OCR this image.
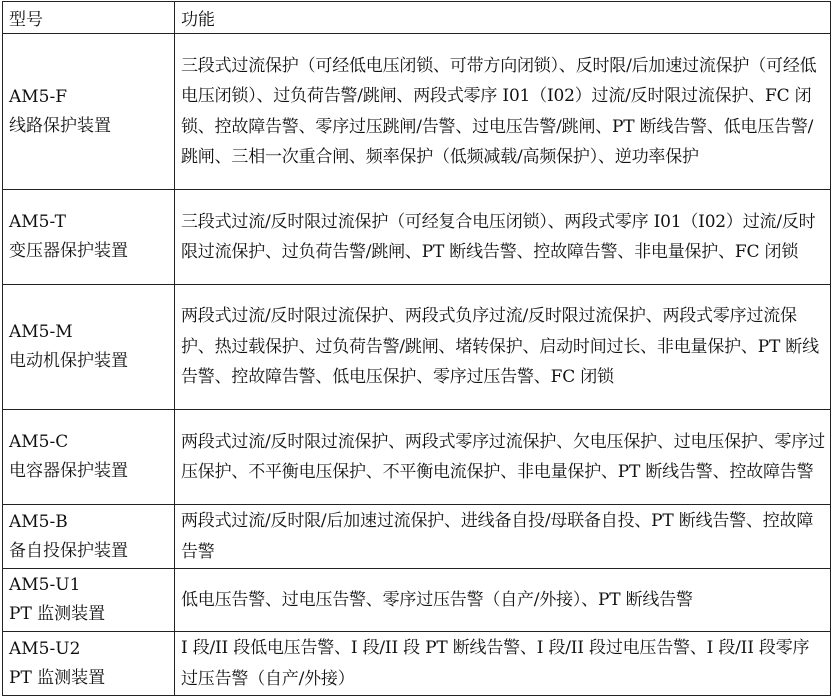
型号	功能
AM5-F
线路保护装置	三段式过流保护（可经低电压闭锁、可带方向闭锁）、反时限/后加速过流保护（可经低电压闭锁）、过负荷告警/跳闸、两段式零序 I01（I02）过流/反时限过流保护、FC 闭锁、控故障告警、零序过压跳闸/告警、过电压告警/跳闸、PT 断线告警、低电压告警/跳闸、三相一次重合闸、频率保护（低频减载/高频保护）、逆功率保护
AM5-T
变压器保护装置	三段式过流/反时限过流保护（可经复合电压闭锁）、两段式零序 I01（I02）过流/反时限过流保护、过负荷告警/跳闸、PT 断线告警、控故障告警、非电量保护、FC 闭锁
AM5-M
电动机保护装置	两段式过流/反时限过流保护、两段式负序过流/反时限过流保护、两段式零序过流保护、热过载保护、过负荷告警/跳闸、堵转保护、启动时间过长、非电量保护、PT 断线告警、控故障告警、低电压保护、零序过压告警、FC 闭锁
AM5-C
电容器保护装置	两段式过流/反时限过流保护、两段式零序过流保护、欠电压保护、过电压保护、零序过压保护、不平衡电压保护、不平衡电流保护、非电量保护、PT 断线告警、控故障告警
AM5-B
备自投保护装置	两段式过流/反时限/后加速过流保护、进线备自投/母联备自投、PT 断线告警、控故障告警
AM5-U1
PT 监测装置	低电压告警、过电压告警、零序过压告警（自产/外接）、PT 断线告警
AM5-U2
PT 监测装置	I 段/II 段低电压告警、I 段/II 段 PT 断线告警、I 段/II 段过电压告警、I 段/II 段零序过压告警（自产/外接）
